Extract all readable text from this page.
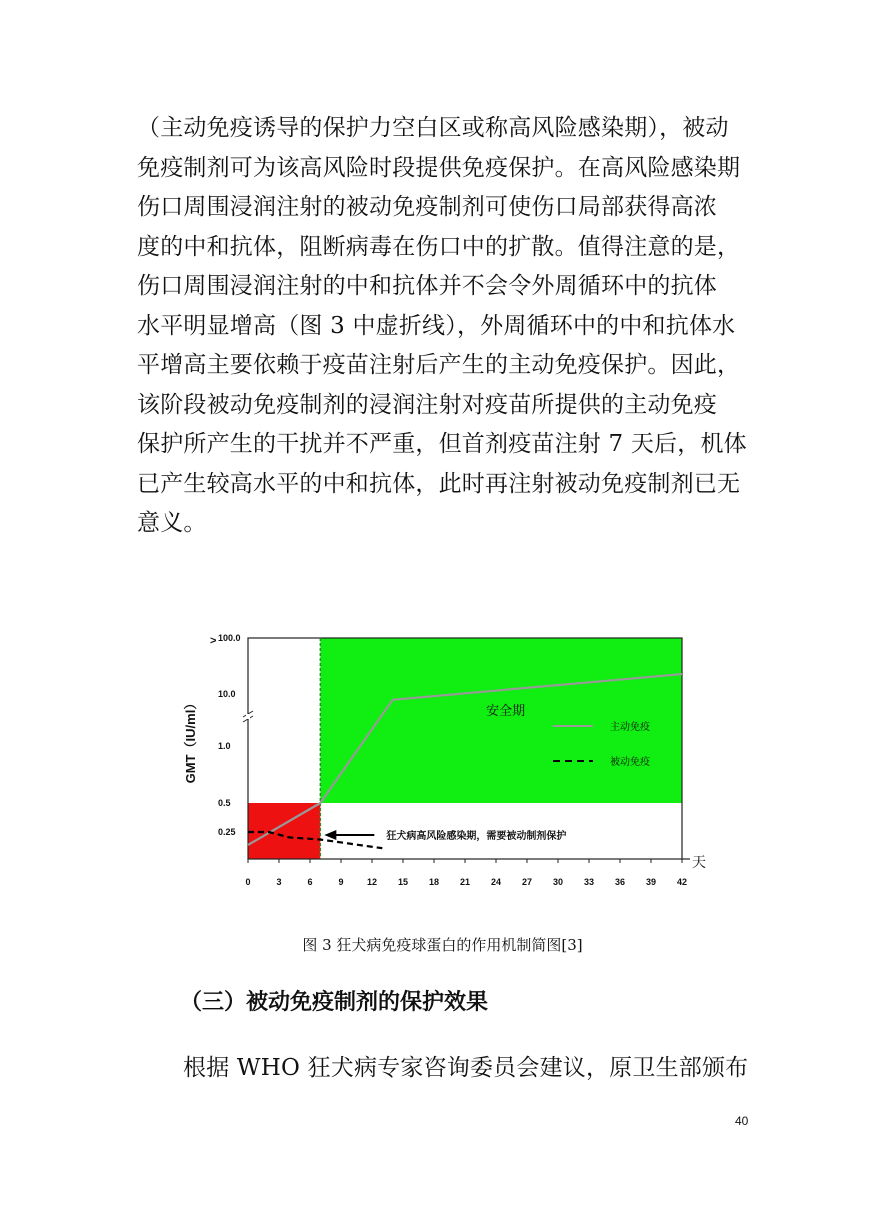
（主动免疫诱导的保护力空白区或称高风险感染期），被动
免疫制剂可为该高风险时段提供免疫保护。在高风险感染期
伤口周围浸润注射的被动免疫制剂可使伤口局部获得高浓
度的中和抗体，阻断病毒在伤口中的扩散。值得注意的是，
伤口周围浸润注射的中和抗体并不会令外周循环中的抗体
水平明显增高（图 3 中虚折线），外周循环中的中和抗体水
平增高主要依赖于疫苗注射后产生的主动免疫保护。因此，
该阶段被动免疫制剂的浸润注射对疫苗所提供的主动免疫
保护所产生的干扰并不严重，但首剂疫苗注射 7 天后，机体
已产生较高水平的中和抗体，此时再注射被动免疫制剂已无
意义。
安全期
主动免疫
被动免疫
狂犬病高风险感染期，需要被动制剂保护
0	3	6	9	12 15 18 21 24 27 30 33 36 39 42
天
0.25
0.5
1.0
10.0
100.0
>
GMT（IU/ml）
图 3 狂犬病免疫球蛋白的作用机制简图[3]
（三）被动免疫制剂的保护效果
根据 WHO 狂犬病专家咨询委员会建议，原卫生部颁布
40
